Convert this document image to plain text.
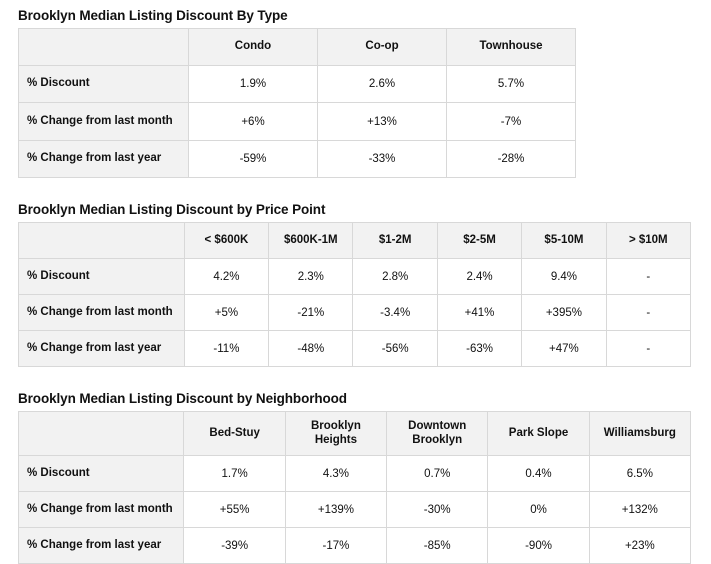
Brooklyn Median Listing Discount By Type
	Condo	Co-op	Townhouse
% Discount	1.9%	2.6%	5.7%
% Change from last month	+6%	+13%	-7%
% Change from last year	-59%	-33%	-28%
Brooklyn Median Listing Discount by Price Point
	< $600K	$600K-1M	$1-2M	$2-5M	$5-10M	> $10M
% Discount	4.2%	2.3%	2.8%	2.4%	9.4%	-
% Change from last month	+5%	-21%	-3.4%	+41%	+395%	-
% Change from last year	-11%	-48%	-56%	-63%	+47%	-
Brooklyn Median Listing Discount by Neighborhood
	Bed-Stuy	Brooklyn Heights	Downtown Brooklyn	Park Slope	Williamsburg
% Discount	1.7%	4.3%	0.7%	0.4%	6.5%
% Change from last month	+55%	+139%	-30%	0%	+132%
% Change from last year	-39%	-17%	-85%	-90%	+23%
